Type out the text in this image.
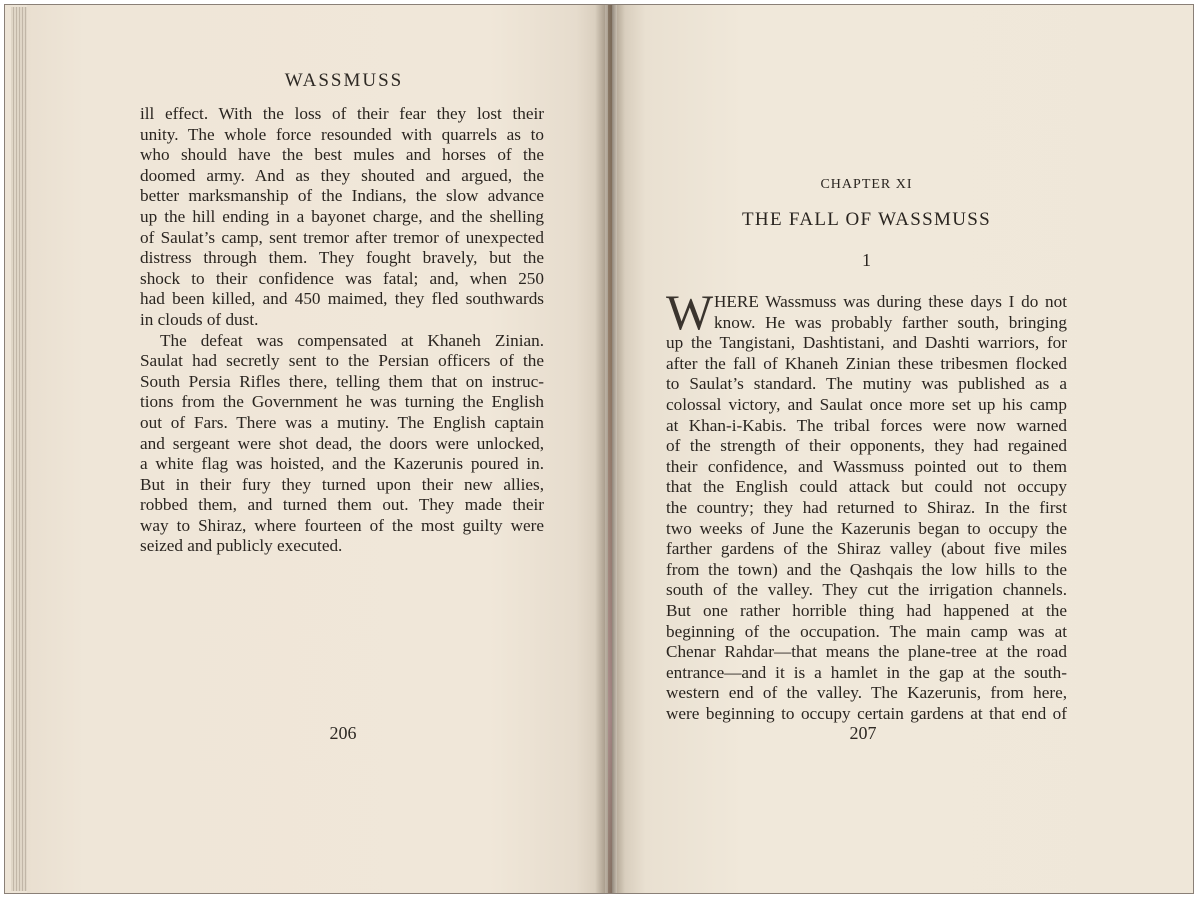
WASSMUSS
ill effect. With the loss of their fear they lost their
unity. The whole force resounded with quarrels as to
who should have the best mules and horses of the
doomed army. And as they shouted and argued, the
better marksmanship of the Indians, the slow advance
up the hill ending in a bayonet charge, and the shelling
of Saulat’s camp, sent tremor after tremor of unexpected
distress through them. They fought bravely, but the
shock to their confidence was fatal; and, when 250
had been killed, and 450 maimed, they fled southwards
in clouds of dust.
The defeat was compensated at Khaneh Zinian.
Saulat had secretly sent to the Persian officers of the
South Persia Rifles there, telling them that on instruc-
tions from the Government he was turning the English
out of Fars. There was a mutiny. The English captain
and sergeant were shot dead, the doors were unlocked,
a white flag was hoisted, and the Kazerunis poured in.
But in their fury they turned upon their new allies,
robbed them, and turned them out. They made their
way to Shiraz, where fourteen of the most guilty were
seized and publicly executed.
206
CHAPTER XI
THE FALL OF WASSMUSS
1
W HERE Wassmuss was during these days I do not
know. He was probably farther south, bringing
up the Tangistani, Dashtistani, and Dashti warriors, for
after the fall of Khaneh Zinian these tribesmen flocked
to Saulat’s standard. The mutiny was published as a
colossal victory, and Saulat once more set up his camp
at Khan-i-Kabis. The tribal forces were now warned
of the strength of their opponents, they had regained
their confidence, and Wassmuss pointed out to them
that the English could attack but could not occupy
the country; they had returned to Shiraz. In the first
two weeks of June the Kazerunis began to occupy the
farther gardens of the Shiraz valley (about five miles
from the town) and the Qashqais the low hills to the
south of the valley. They cut the irrigation channels.
But one rather horrible thing had happened at the
beginning of the occupation. The main camp was at
Chenar Rahdar—that means the plane-tree at the road
entrance—and it is a hamlet in the gap at the south-
western end of the valley. The Kazerunis, from here,
were beginning to occupy certain gardens at that end of
207
